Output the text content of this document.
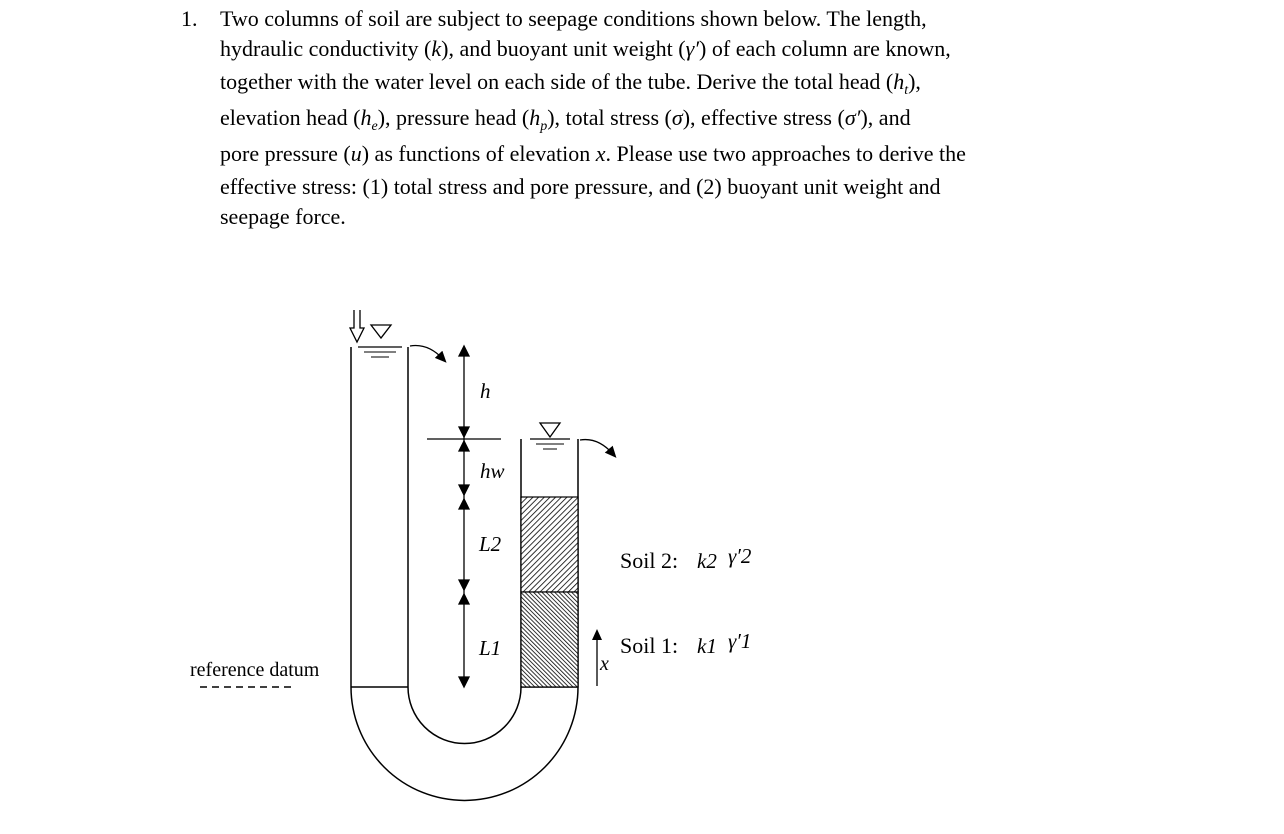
1. Two columns of soil are subject to seepage conditions shown below. The length,

hydraulic conductivity (k), and buoyant unit weight (γ′) of each column are known,

together with the water level on each side of the tube. Derive the total head $(h_t)$,

elevation head $(h_e)$, pressure head $(h_p)$, total stress (σ), effective stress (σ′), and

pore pressure (u) as functions of elevation x. Please use two approaches to derive the

effective stress: (1) total stress and pore pressure, and (2) buoyant unit weight and

seepage force.

h
hw
L2
L1
x
Soil 2: k2 γ′2
Soil 1: k1 γ′1
reference datum
